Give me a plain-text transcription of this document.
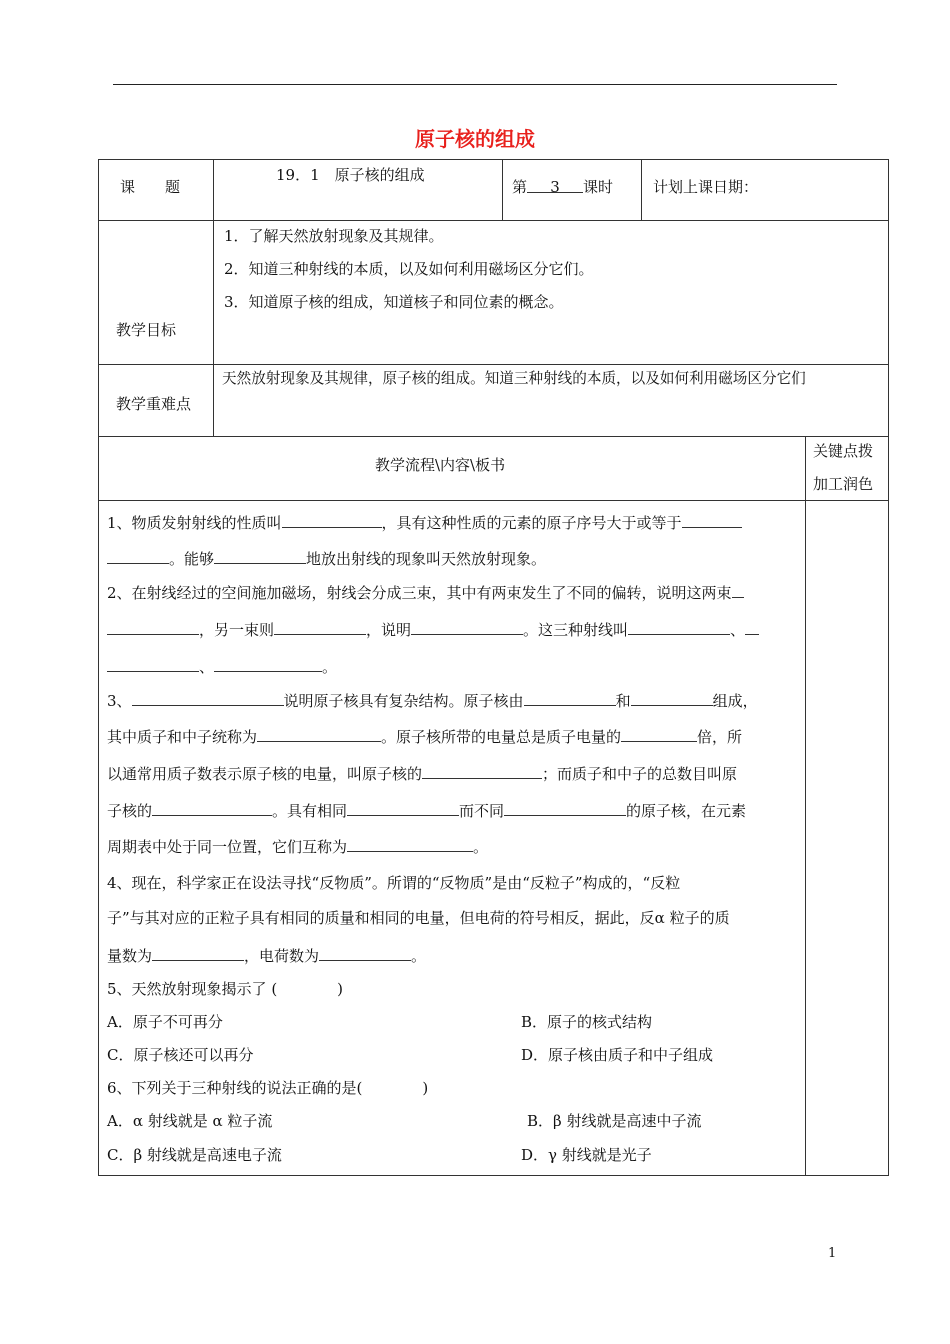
原子核的组成
课　　题
19．1　原子核的组成
第 3 课时	计划上课日期：
教学目标
1．了解天然放射现象及其规律。
2．知道三种射线的本质，以及如何利用磁场区分它们。
3．知道原子核的组成，知道核子和同位素的概念。
教学重难点
天然放射现象及其规律，原子核的组成。知道三种射线的本质，以及如何利用磁场区分它们
教学流程\内容\板书
关键点拨
加工润色
1、物质发射射线的性质叫	，具有这种性质的元素的原子序号大于或等于
。能够	地放出射线的现象叫天然放射现象。
2、在射线经过的空间施加磁场，射线会分成三束，其中有两束发生了不同的偏转，说明这两束
，另一束则	，说明	。这三种射线叫	、
、	。
3、	说明原子核具有复杂结构。原子核由	和	组成，
其中质子和中子统称为	。原子核所带的电量总是质子电量的	倍，所
以通常用质子数表示原子核的电量，叫原子核的	；而质子和中子的总数目叫原
子核的	。具有相同	而不同	的原子核，在元素
周期表中处于同一位置，它们互称为	。
4、现在，科学家正在设法寻找“反物质”。所谓的“反物质”是由“反粒子”构成的，“反粒
子”与其对应的正粒子具有相同的质量和相同的电量，但电荷的符号相反，据此，反α 粒子的质
量数为	，电荷数为	。
5、天然放射现象揭示了 (　　　　)
A．原子不可再分	B．原子的核式结构
C．原子核还可以再分	D．原子核由质子和中子组成
6、下列关于三种射线的说法正确的是(　　　　)
A．α 射线就是 α 粒子流	B．β 射线就是高速中子流
C．β 射线就是高速电子流	D．γ 射线就是光子
1
